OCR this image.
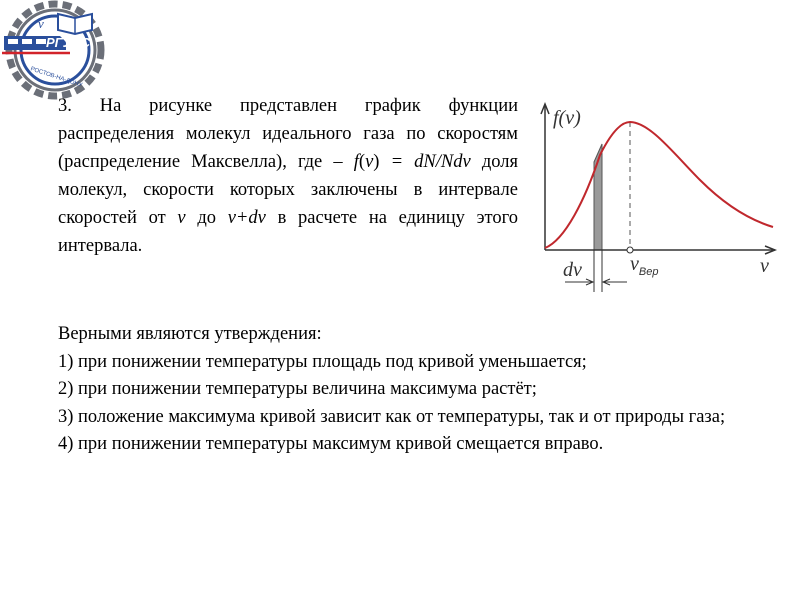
v
РГУПС
РОСТОВ-НА-ДОНУ

3. На рисунке представлен график функции распределения молекул идеального газа по скоростям (распределение Максвелла), где – f(v) = dN/Ndv доля молекул, скорости которых заключены в интервале скоростей от v до v+dv в расчете на единицу этого интервала.

f(v)
v
dv $v_{Вер}$
Верными являются утверждения:
1) при понижении температуры площадь под кривой уменьшается;
2) при понижении температуры величина максимума растёт;
3) положение максимума кривой зависит как от температуры, так и от природы газа;
4) при понижении температуры максимум кривой смещается вправо.
